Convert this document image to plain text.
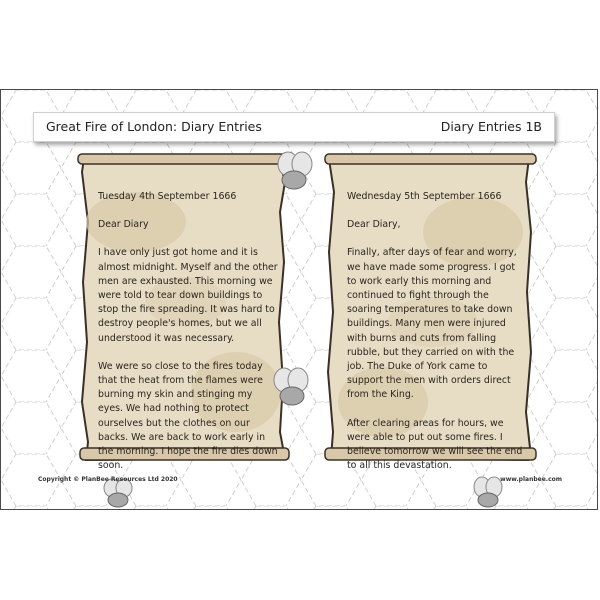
Great Fire of London: Diary Entries	Diary Entries 1B

Tuesday 4th September 1666

Dear Diary

I have only just got home and it is almost midnight. Myself and the other men are exhausted. This morning we were told to tear down buildings to stop the fire spreading. It was hard to destroy people's homes, but we all understood it was necessary.

We were so close to the fires today that the heat from the flames were burning my skin and stinging my eyes. We had nothing to protect ourselves but the clothes on our backs. We are back to work early in the morning. I hope the fire dies down soon.

Wednesday 5th September 1666

Dear Diary,

Finally, after days of fear and worry, we have made some progress. I got to work early this morning and continued to fight through the soaring temperatures to take down buildings. Many men were injured with burns and cuts from falling rubble, but they carried on with the job. The Duke of York came to support the men with orders direct from the King.

After clearing areas for hours, we were able to put out some fires. I believe tomorrow we will see the end to all this devastation.

Copyright © PlanBee Resources Ltd 2020	www.planbee.com
